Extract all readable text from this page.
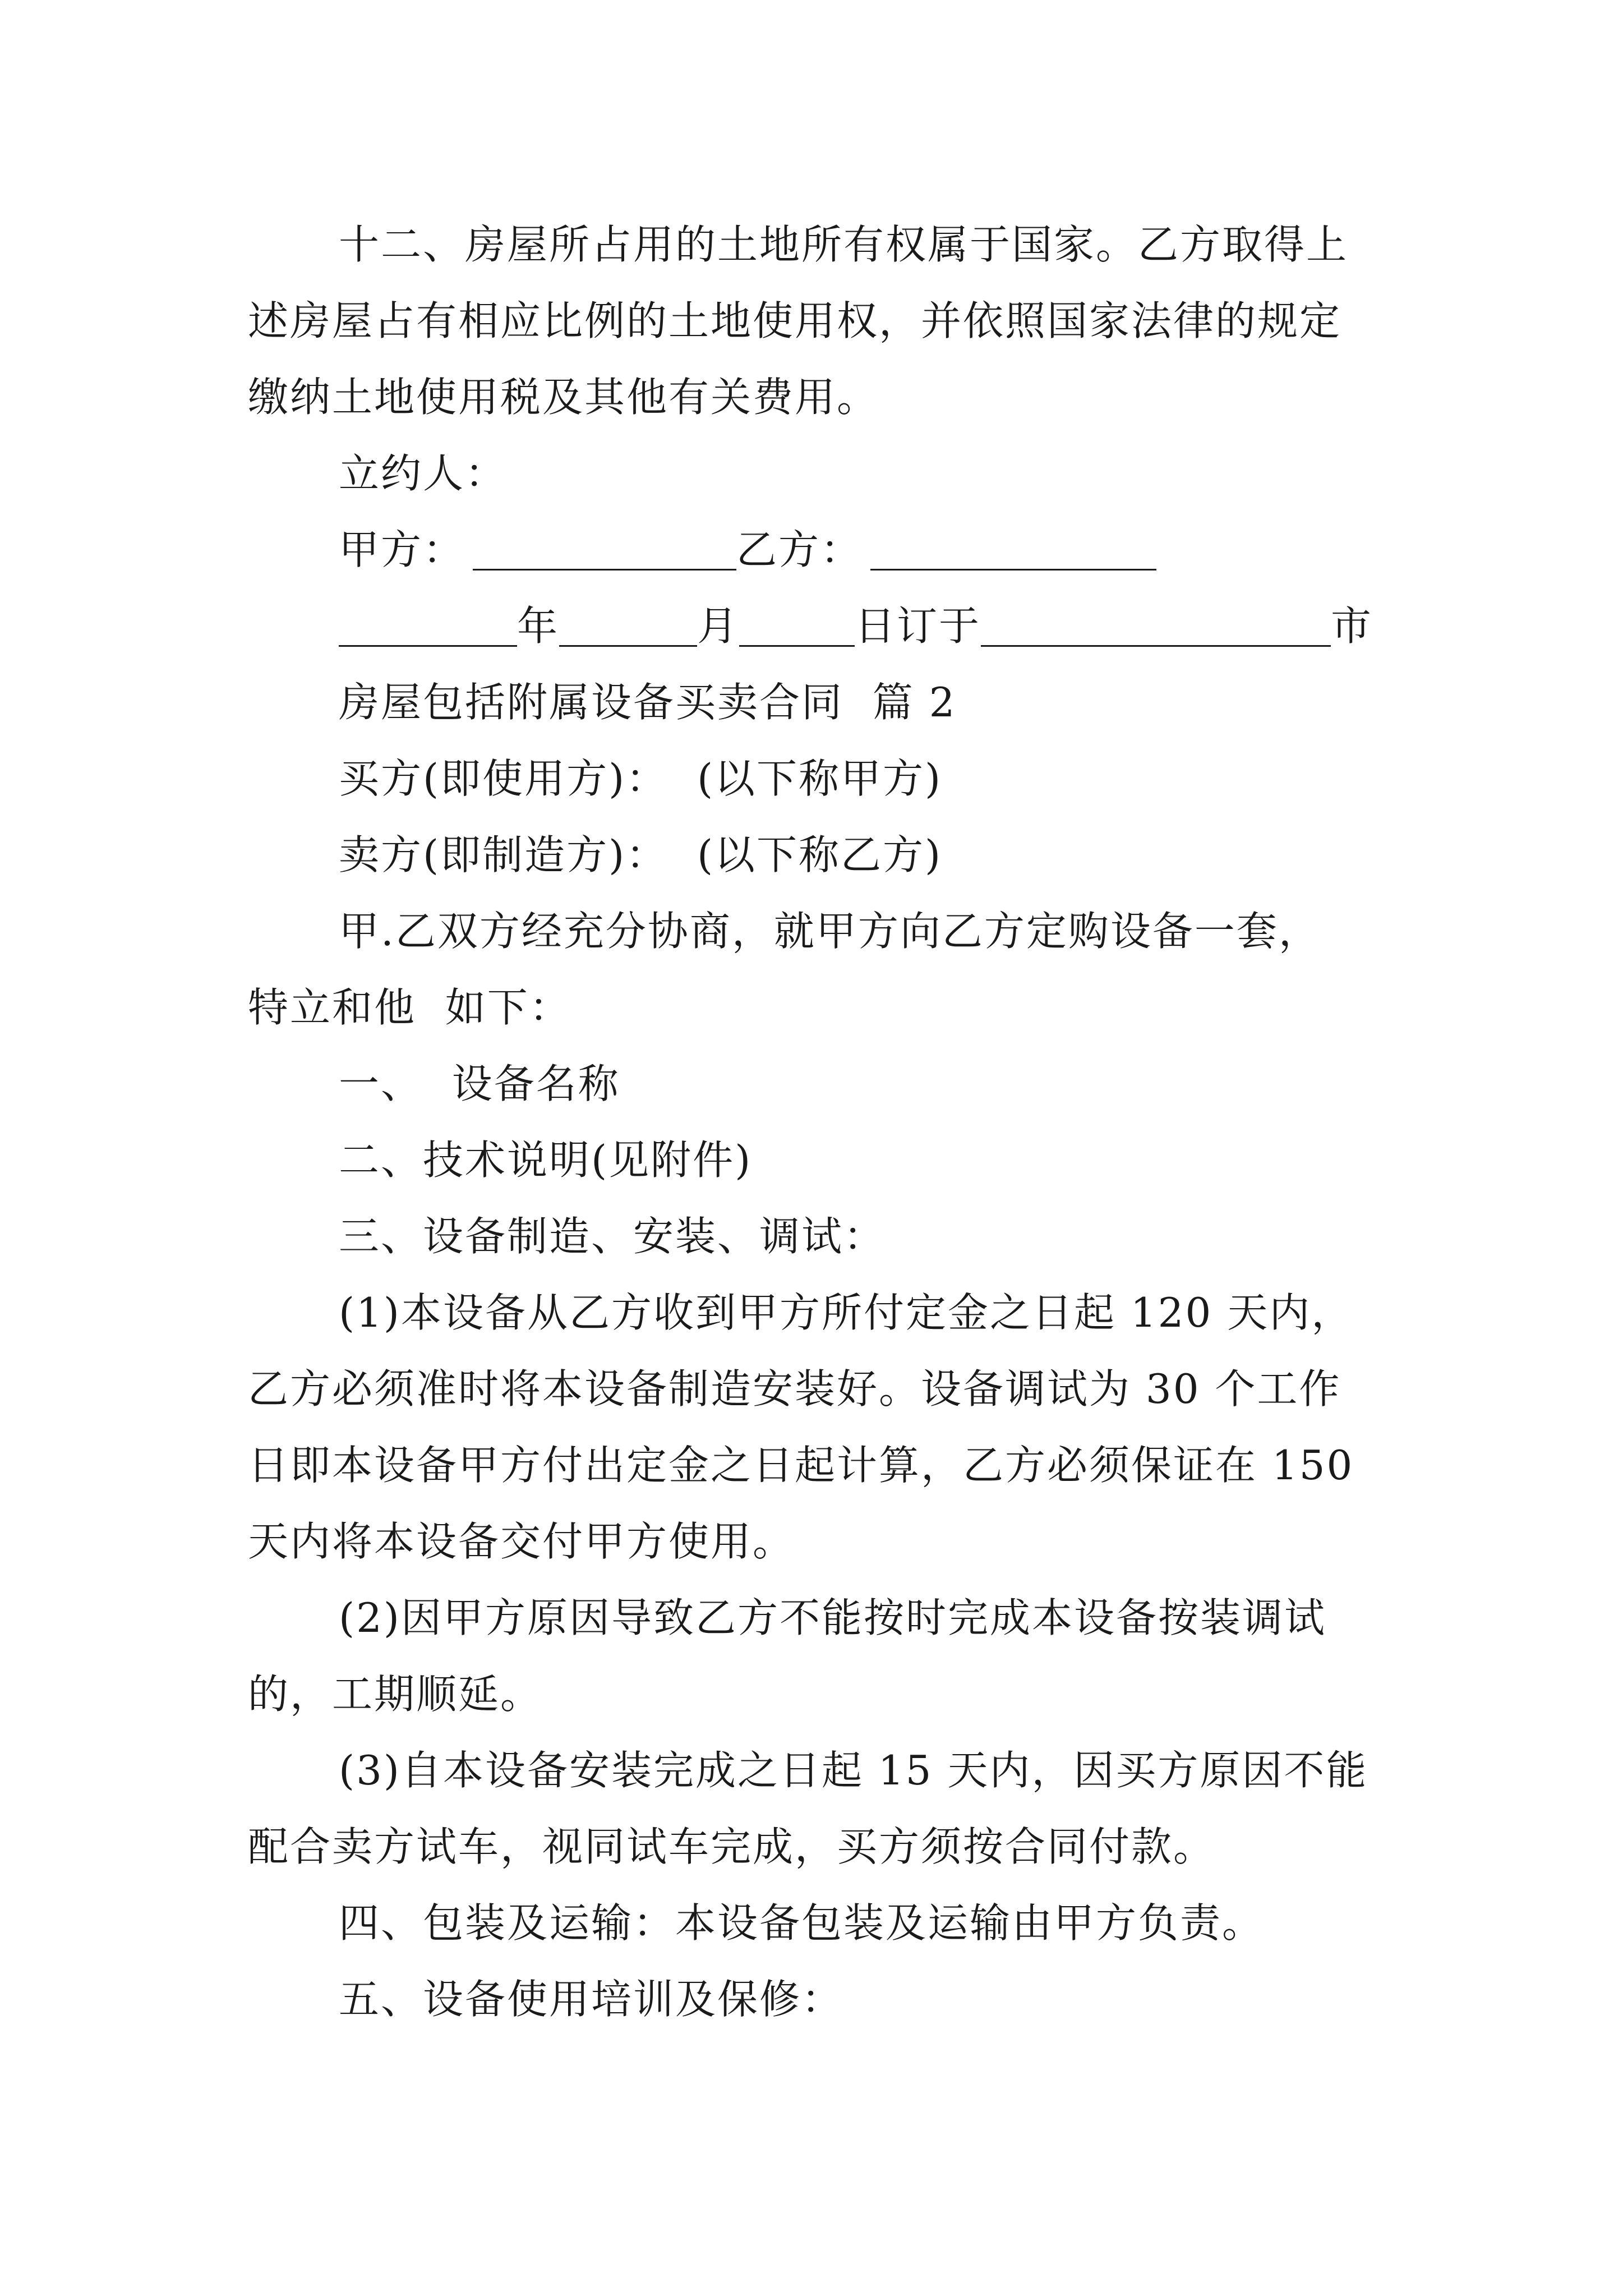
十二、房屋所占用的土地所有权属于国家。乙方取得上

述房屋占有相应比例的土地使用权，并依照国家法律的规定

缴纳土地使用税及其他有关费用。

立约人：

甲方：	乙方：

年	月	日订于	市

房屋包括附属设备买卖合同  篇 2

买方(即使用方)：  (以下称甲方)

卖方(即制造方)：  (以下称乙方)

甲.乙双方经充分协商，就甲方向乙方定购设备一套，

特立和他  如下：

一、  设备名称

二、技术说明(见附件)

三、设备制造、安装、调试：

(1)本设备从乙方收到甲方所付定金之日起 120 天内，

乙方必须准时将本设备制造安装好。设备调试为 30 个工作

日即本设备甲方付出定金之日起计算，乙方必须保证在 150

天内将本设备交付甲方使用。

(2)因甲方原因导致乙方不能按时完成本设备按装调试

的，工期顺延。

(3)自本设备安装完成之日起 15 天内，因买方原因不能

配合卖方试车，视同试车完成，买方须按合同付款。

四、包装及运输：本设备包装及运输由甲方负责。

五、设备使用培训及保修：
